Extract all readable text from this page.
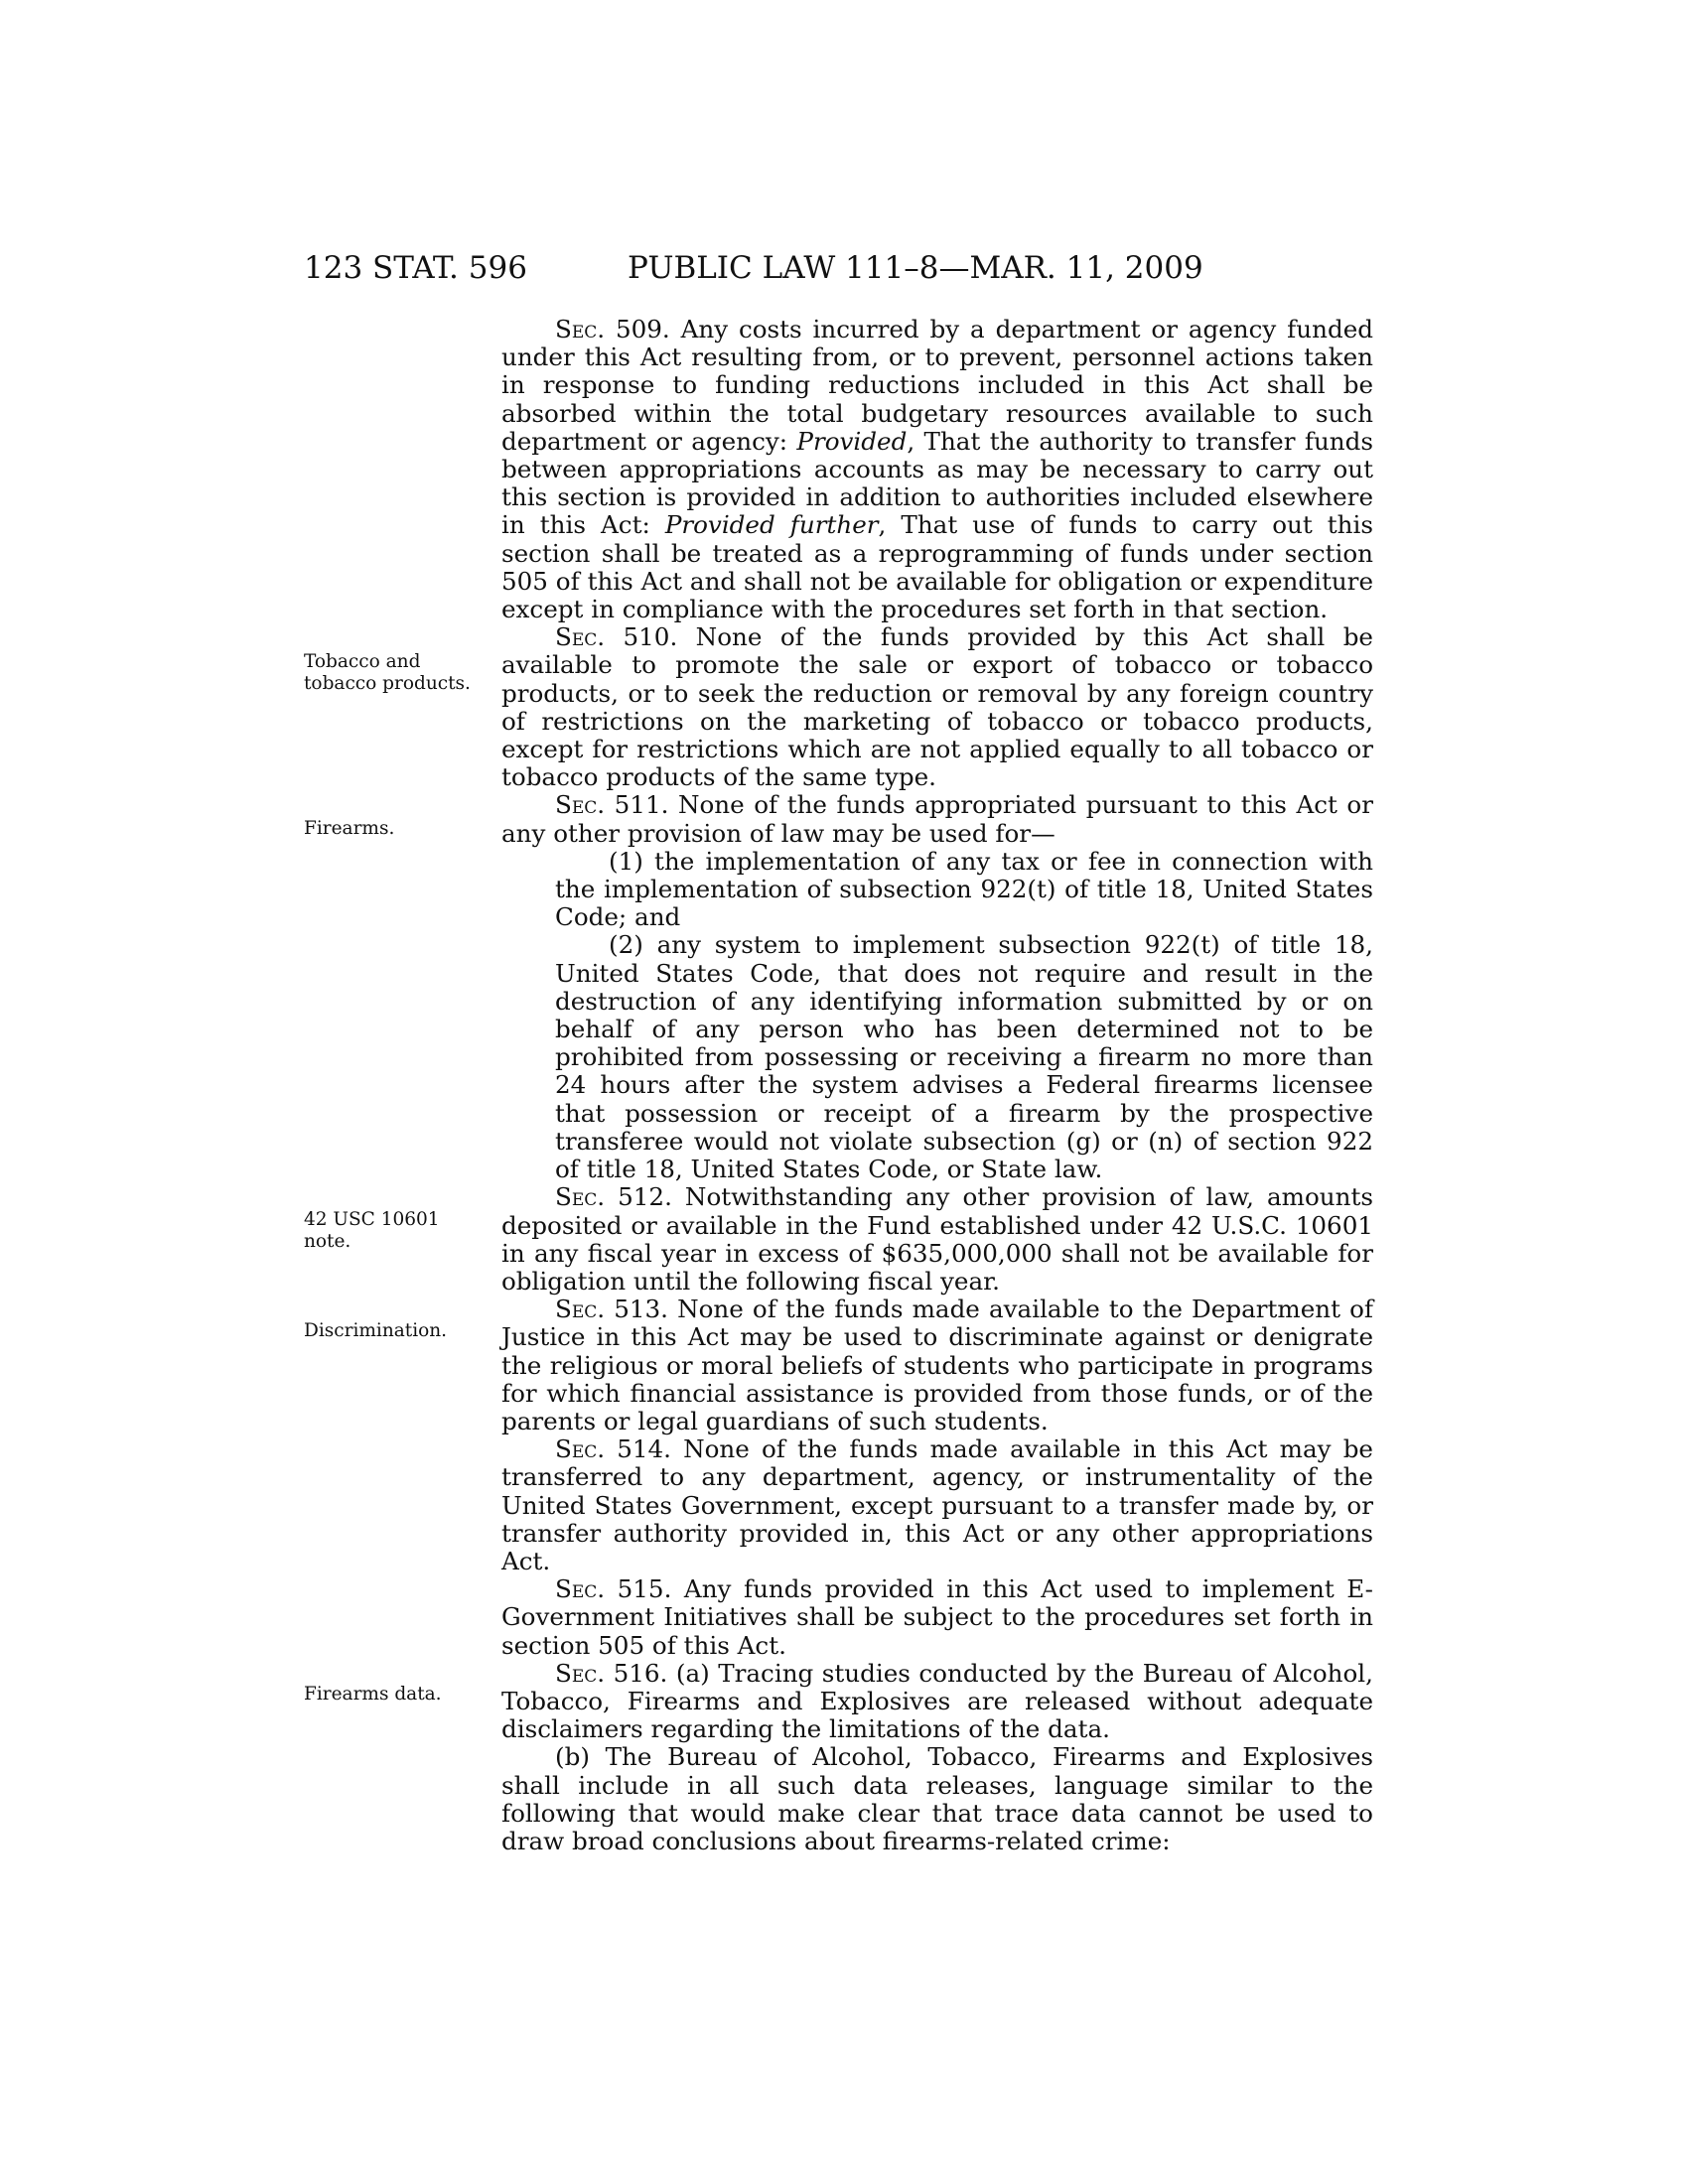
123 STAT. 596	PUBLIC LAW 111–8—MAR. 11, 2009
Tobacco and
tobacco products.
Firearms.
42 USC 10601
note.
Discrimination.
Firearms data.

Sec. 509. Any costs incurred by a department or agency funded under this Act resulting from, or to prevent, personnel actions taken in response to funding reductions included in this Act shall be absorbed within the total budgetary resources available to such department or agency: Provided, That the authority to transfer funds between appropriations accounts as may be necessary to carry out this section is provided in addition to authorities included elsewhere in this Act: Provided further, That use of funds to carry out this section shall be treated as a reprogramming of funds under section 505 of this Act and shall not be available for obligation or expenditure except in compliance with the procedures set forth in that section.

Sec. 510. None of the funds provided by this Act shall be available to promote the sale or export of tobacco or tobacco products, or to seek the reduction or removal by any foreign country of restrictions on the marketing of tobacco or tobacco products, except for restrictions which are not applied equally to all tobacco or tobacco products of the same type.

Sec. 511. None of the funds appropriated pursuant to this Act or any other provision of law may be used for—

(1) the implementation of any tax or fee in connection with the implementation of subsection 922(t) of title 18, United States Code; and

(2) any system to implement subsection 922(t) of title 18, United States Code, that does not require and result in the destruction of any identifying information submitted by or on behalf of any person who has been determined not to be prohibited from possessing or receiving a firearm no more than 24 hours after the system advises a Federal firearms licensee that possession or receipt of a firearm by the prospective transferee would not violate subsection (g) or (n) of section 922 of title 18, United States Code, or State law.

Sec. 512. Notwithstanding any other provision of law, amounts deposited or available in the Fund established under 42 U.S.C. 10601 in any fiscal year in excess of $635,000,000 shall not be available for obligation until the following fiscal year.

Sec. 513. None of the funds made available to the Department of Justice in this Act may be used to discriminate against or denigrate the religious or moral beliefs of students who participate in programs for which financial assistance is provided from those funds, or of the parents or legal guardians of such students.

Sec. 514. None of the funds made available in this Act may be transferred to any department, agency, or instrumentality of the United States Government, except pursuant to a transfer made by, or transfer authority provided in, this Act or any other appropriations Act.

Sec. 515. Any funds provided in this Act used to implement E-Government Initiatives shall be subject to the procedures set forth in section 505 of this Act.

Sec. 516. (a) Tracing studies conducted by the Bureau of Alcohol, Tobacco, Firearms and Explosives are released without adequate disclaimers regarding the limitations of the data.

(b) The Bureau of Alcohol, Tobacco, Firearms and Explosives shall include in all such data releases, language similar to the following that would make clear that trace data cannot be used to draw broad conclusions about firearms-related crime:
